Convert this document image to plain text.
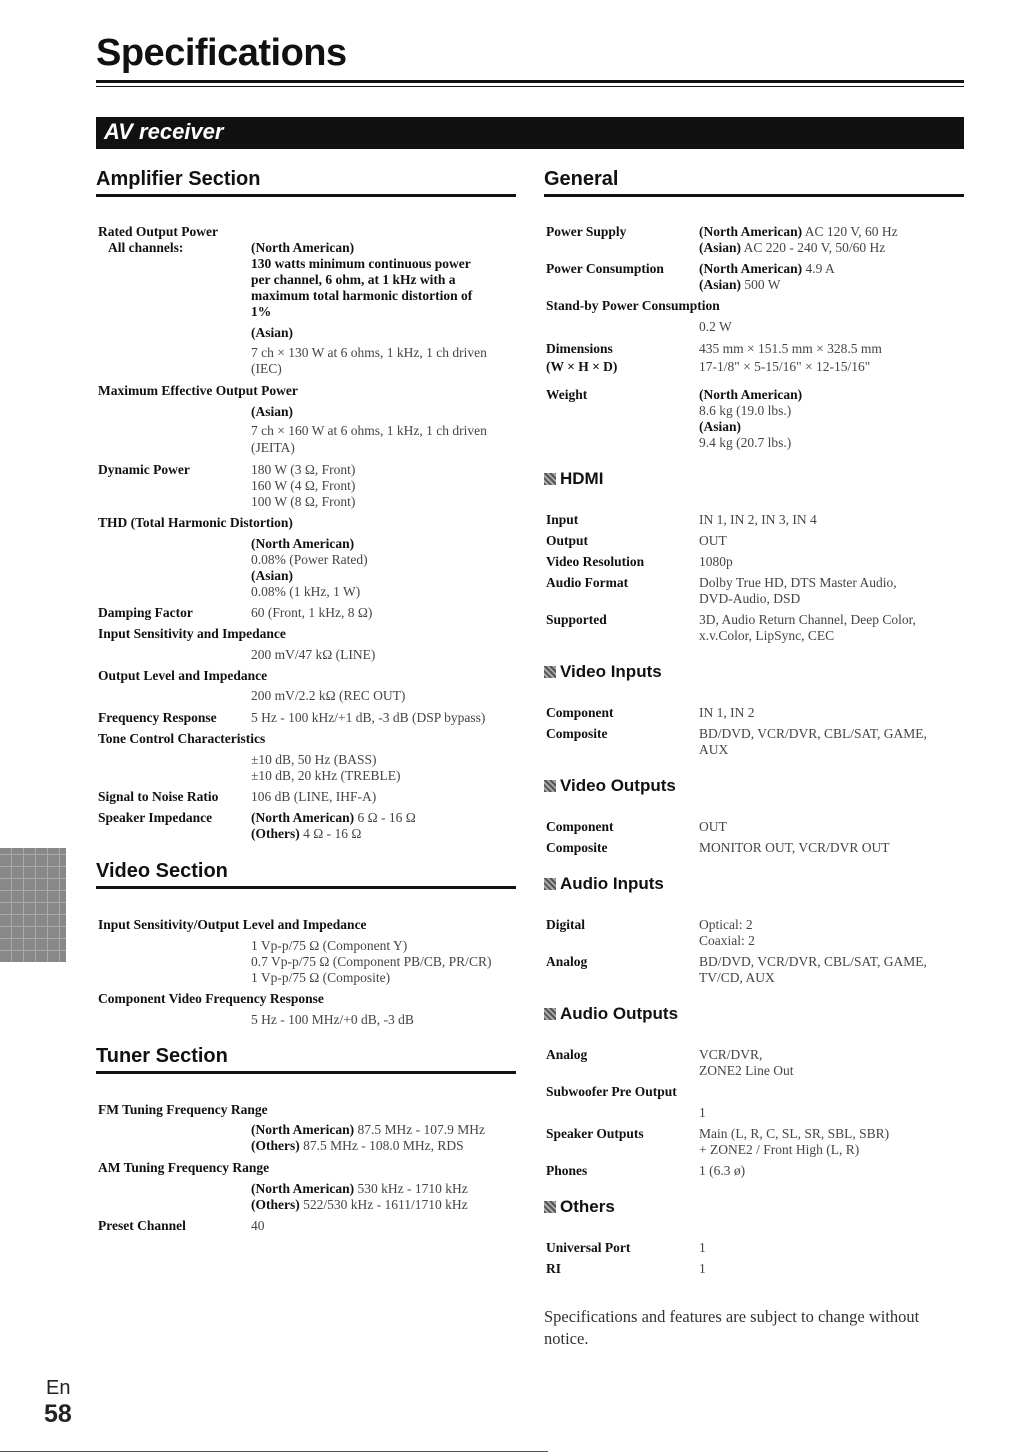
Specifications
AV receiver
Amplifier Section
Rated Output Power
All channels:	(North American)
130 watts minimum continuous power
per channel, 6 ohm, at 1 kHz with a
maximum total harmonic distortion of
1%
(Asian)
7 ch × 130 W at 6 ohms, 1 kHz, 1 ch driven
(IEC)
Maximum Effective Output Power
(Asian)
7 ch × 160 W at 6 ohms, 1 kHz, 1 ch driven
(JEITA)
Dynamic Power	180 W (3 Ω, Front)
160 W (4 Ω, Front)
100 W (8 Ω, Front)
THD (Total Harmonic Distortion)
(North American)
0.08% (Power Rated)
(Asian)
0.08% (1 kHz, 1 W)
Damping Factor	60 (Front, 1 kHz, 8 Ω)
Input Sensitivity and Impedance
200 mV/47 kΩ (LINE)
Output Level and Impedance
200 mV/2.2 kΩ (REC OUT)
Frequency Response	5 Hz - 100 kHz/+1 dB, -3 dB (DSP bypass)
Tone Control Characteristics
±10 dB, 50 Hz (BASS)
±10 dB, 20 kHz (TREBLE)
Signal to Noise Ratio 106 dB (LINE, IHF-A)
Speaker Impedance	(North American) 6 Ω - 16 Ω
(Others) 4 Ω - 16 Ω
Video Section
Input Sensitivity/Output Level and Impedance
1 Vp-p/75 Ω (Component Y)
0.7 Vp-p/75 Ω (Component PB/CB, PR/CR)
1 Vp-p/75 Ω (Composite)
Component Video Frequency Response
5 Hz - 100 MHz/+0 dB, -3 dB
Tuner Section
FM Tuning Frequency Range
(North American) 87.5 MHz - 107.9 MHz
(Others) 87.5 MHz - 108.0 MHz, RDS
AM Tuning Frequency Range
(North American) 530 kHz - 1710 kHz
(Others) 522/530 kHz - 1611/1710 kHz
Preset Channel	40
General
Power Supply	(North American) AC 120 V, 60 Hz
(Asian) AC 220 - 240 V, 50/60 Hz
Power Consumption	(North American) 4.9 A
(Asian) 500 W
Stand-by Power Consumption
0.2 W
Dimensions	435 mm × 151.5 mm × 328.5 mm
(W × H × D)	17-1/8" × 5-15/16" × 12-15/16"
Weight	(North American)
8.6 kg (19.0 lbs.)
(Asian)
9.4 kg (20.7 lbs.)
HDMI
Input	IN 1, IN 2, IN 3, IN 4
Output	OUT
Video Resolution	1080p
Audio Format	Dolby True HD, DTS Master Audio,
DVD-Audio, DSD
Supported	3D, Audio Return Channel, Deep Color,
x.v.Color, LipSync, CEC
Video Inputs
Component	IN 1, IN 2
Composite	BD/DVD, VCR/DVR, CBL/SAT, GAME,
AUX
Video Outputs
Component	OUT
Composite	MONITOR OUT, VCR/DVR OUT
Audio Inputs
Digital	Optical: 2
Coaxial: 2
Analog	BD/DVD, VCR/DVR, CBL/SAT, GAME,
TV/CD, AUX
Audio Outputs
Analog	VCR/DVR,
ZONE2 Line Out
Subwoofer Pre Output
1
Speaker Outputs	Main (L, R, C, SL, SR, SBL, SBR)
+ ZONE2 / Front High (L, R)
Phones	1 (6.3 ø)
Others
Universal Port	1
RI	1
Specifications and features are subject to change without notice.
En
58
